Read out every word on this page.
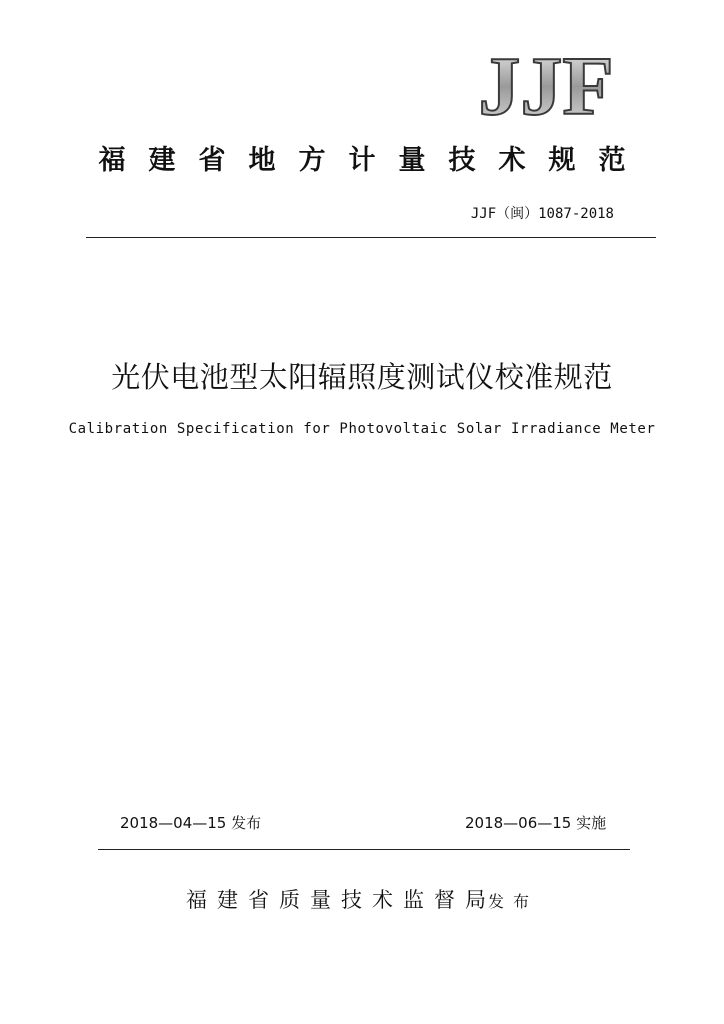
JJF
福建省地方计量技术规范
JJF（闽）1087-2018
光伏电池型太阳辐照度测试仪校准规范
Calibration Specification for Photovoltaic Solar Irradiance Meter
2018—04—15 发布	2018—06—15 实施
福建省质量技术监督局
发布
